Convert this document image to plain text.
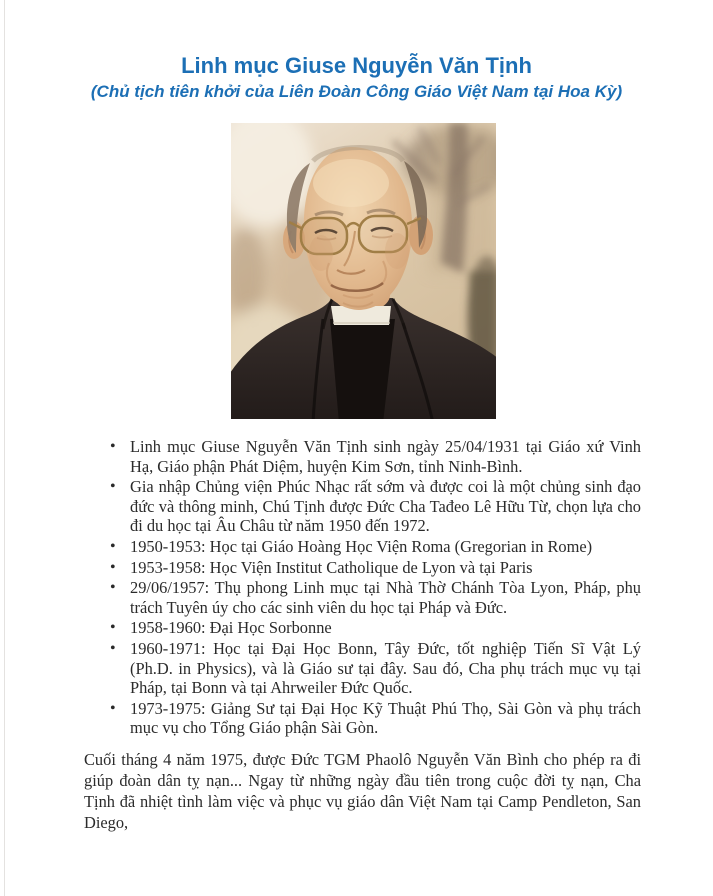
Linh mục Giuse Nguyễn Văn Tịnh
(Chủ tịch tiên khởi của Liên Đoàn Công Giáo Việt Nam tại Hoa Kỳ)
• Linh mục Giuse Nguyễn Văn Tịnh sinh ngày 25/04/1931 tại Giáo xứ Vinh Hạ, Giáo phận Phát Diệm, huyện Kim Sơn, tỉnh Ninh-Bình.
• Gia nhập Chủng viện Phúc Nhạc rất sớm và được coi là một chủng sinh đạo đức và thông minh, Chú Tịnh được Đức Cha Tađeo Lê Hữu Từ, chọn lựa cho đi du học tại Âu Châu từ năm 1950 đến 1972.
• 1950-1953: Học tại Giáo Hoàng Học Viện Roma (Gregorian in Rome)
• 1953-1958: Học Viện Institut Catholique de Lyon và tại Paris
• 29/06/1957: Thụ phong Linh mục tại Nhà Thờ Chánh Tòa Lyon, Pháp, phụ trách Tuyên úy cho các sinh viên du học tại Pháp và Đức.
• 1958-1960: Đại Học Sorbonne
• 1960-1971: Học tại Đại Học Bonn, Tây Đức, tốt nghiệp Tiến Sĩ Vật Lý (Ph.D. in Physics), và là Giáo sư tại đây. Sau đó, Cha phụ trách mục vụ tại Pháp, tại Bonn và tại Ahrweiler Đức Quốc.
• 1973-1975: Giảng Sư tại Đại Học Kỹ Thuật Phú Thọ, Sài Gòn và phụ trách mục vụ cho Tổng Giáo phận Sài Gòn.

Cuối tháng 4 năm 1975, được Đức TGM Phaolô Nguyễn Văn Bình cho phép ra đi giúp đoàn dân tỵ nạn... Ngay từ những ngày đầu tiên trong cuộc đời tỵ nạn, Cha Tịnh đã nhiệt tình làm việc và phục vụ giáo dân Việt Nam tại Camp Pendleton, San Diego,
